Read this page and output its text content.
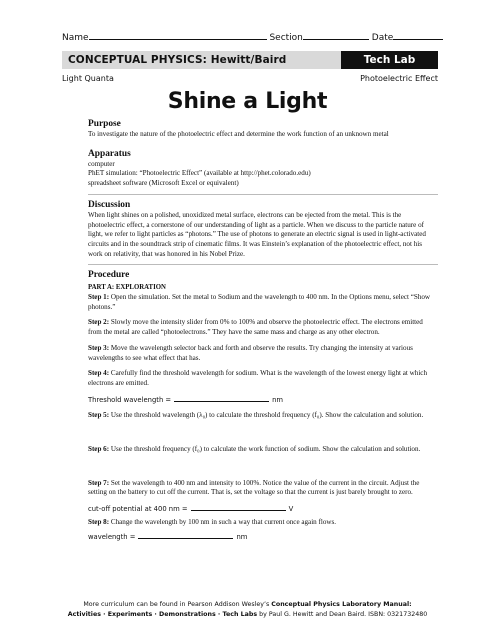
Name	Section	Date
CONCEPTUAL PHYSICS: Hewitt/Baird	Tech Lab
Light Quanta	Photoelectric Effect
Shine a Light
Purpose

To investigate the nature of the photoelectric effect and determine the work function of an unknown metal

Apparatus

computer

PhET simulation: “Photoelectric Effect” (available at http://phet.colorado.edu)

spreadsheet software (Microsoft Excel or equivalent)

Discussion

When light shines on a polished, unoxidized metal surface, electrons can be ejected from the metal. This is the photoelectric effect, a cornerstone of our understanding of light as a particle. When we discuss to the particle nature of light, we refer to light particles as “photons.” The use of photons to generate an electric signal is used in light-activated circuits and in the soundtrack strip of cinematic films. It was Einstein’s explanation of the photoelectric effect, not his work on relativity, that was honored in his Nobel Prize.

Procedure

PART A: EXPLORATION

Step 1: Open the simulation. Set the metal to Sodium and the wavelength to 400 nm. In the Options menu, select “Show photons.”

Step 2: Slowly move the intensity slider from 0% to 100% and observe the photoelectric effect. The electrons emitted from the metal are called “photoelectrons.” They have the same mass and charge as any other electron.

Step 3: Move the wavelength selector back and forth and observe the results. Try changing the intensity at various wavelengths to see what effect that has.

Step 4: Carefully find the threshold wavelength for sodium. What is the wavelength of the lowest energy light at which electrons are emitted.

Threshold wavelength =	nm

Step 5: Use the threshold wavelength (λ₀) to calculate the threshold frequency (f₀). Show the calculation and solution.

Step 6: Use the threshold frequency (f₀) to calculate the work function of sodium. Show the calculation and solution.

Step 7: Set the wavelength to 400 nm and intensity to 100%. Notice the value of the current in the circuit. Adjust the setting on the battery to cut off the current. That is, set the voltage so that the current is just barely brought to zero.

cut-off potential at 400 nm =	V

Step 8: Change the wavelength by 100 nm in such a way that current once again flows.

wavelength =	nm

More curriculum can be found in Pearson Addison Wesley’s Conceptual Physics Laboratory Manual:
Activities · Experiments · Demonstrations · Tech Labs by Paul G. Hewitt and Dean Baird. ISBN: 0321732480
